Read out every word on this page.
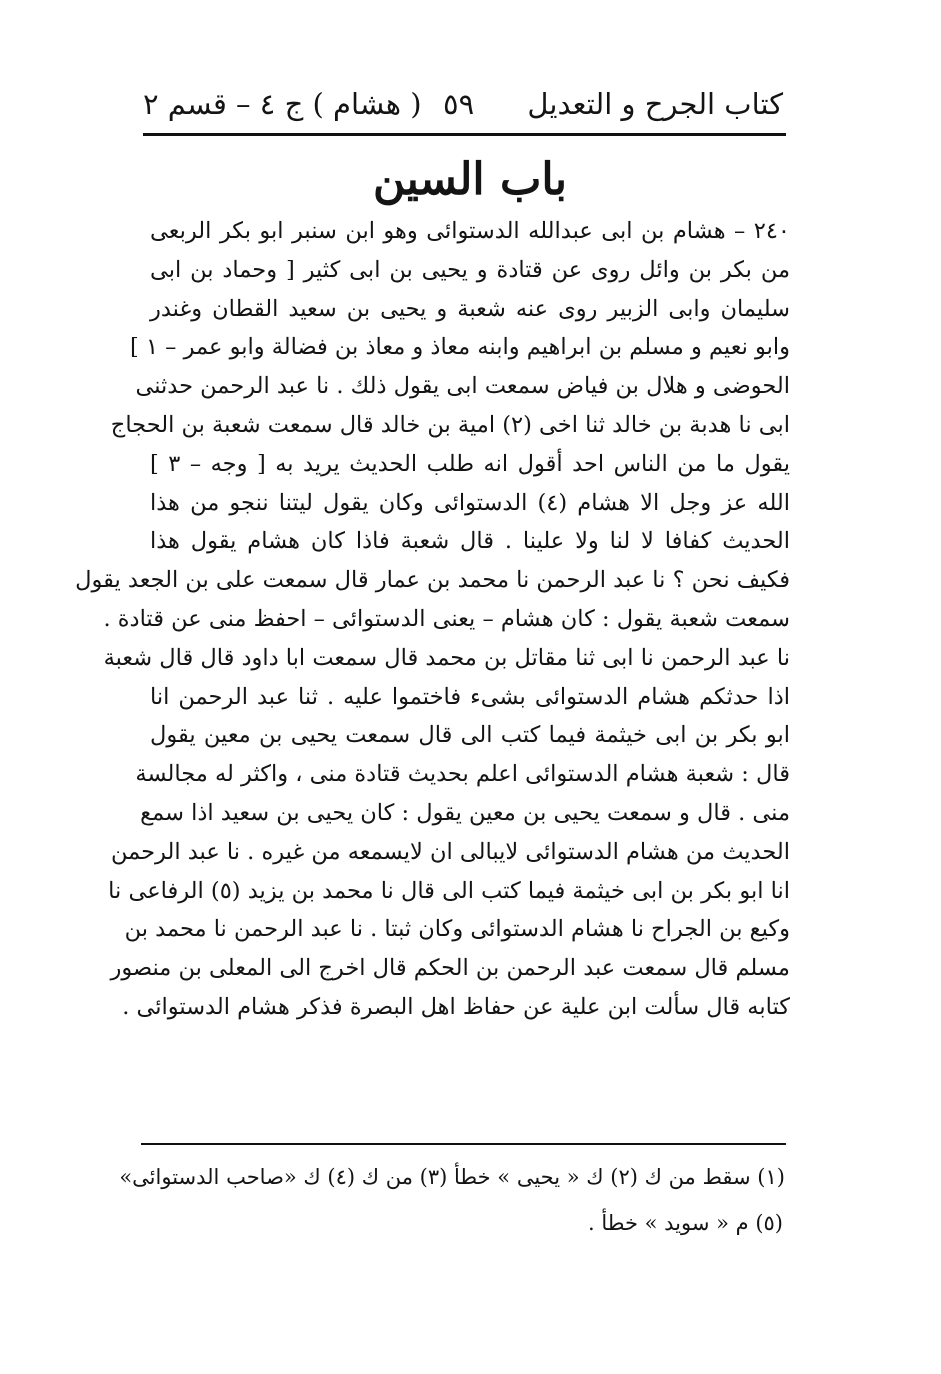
كتاب الجرح و التعديل
٥٩
( هشام ) ج ٤ – قسم ٢
باب السين
٢٤٠ – هشام بن ابى عبدالله الدستوائى وهو ابن سنبر ابو بكر الربعى
من بكر بن وائل روى عن قتادة و يحيى بن ابى كثير [ وحماد بن ابى
سليمان وابى الزبير روى عنه شعبة و يحيى بن سعيد القطان وغندر
وابو نعيم و مسلم بن ابراهيم وابنه معاذ و معاذ بن فضالة وابو عمر – ١ ]
الحوضى و هلال بن فياض سمعت ابى يقول ذلك . نا عبد الرحمن حدثنى
ابى نا هدبة بن خالد ثنا اخى (٢) امية بن خالد قال سمعت شعبة بن الحجاج
يقول ما من الناس احد أقول انه طلب الحديث يريد به [ وجه – ٣ ]
الله عز وجل الا هشام (٤) الدستوائى وكان يقول ليتنا ننجو من هذا
الحديث كفافا لا لنا ولا علينا . قال شعبة فاذا كان هشام يقول هذا
فكيف نحن ؟ نا عبد الرحمن نا محمد بن عمار قال سمعت على بن الجعد يقول
سمعت شعبة يقول : كان هشام – يعنى الدستوائى – احفظ منى عن قتادة .
نا عبد الرحمن نا ابى ثنا مقاتل بن محمد قال سمعت ابا داود قال قال شعبة
اذا حدثكم هشام الدستوائى بشىء فاختموا عليه . ثنا عبد الرحمن انا
ابو بكر بن ابى خيثمة فيما كتب الى قال سمعت يحيى بن معين يقول
قال : شعبة هشام الدستوائى اعلم بحديث قتادة منى ، واكثر له مجالسة
منى . قال و سمعت يحيى بن معين يقول : كان يحيى بن سعيد اذا سمع
الحديث من هشام الدستوائى لايبالى ان لايسمعه من غيره . نا عبد الرحمن
انا ابو بكر بن ابى خيثمة فيما كتب الى قال نا محمد بن يزيد (٥) الرفاعى نا
وكيع بن الجراح نا هشام الدستوائى وكان ثبتا . نا عبد الرحمن نا محمد بن
مسلم قال سمعت عبد الرحمن بن الحكم قال اخرج الى المعلى بن منصور
كتابه قال سألت ابن علية عن حفاظ اهل البصرة فذكر هشام الدستوائى .
(١) سقط من ك (٢) ك « يحيى » خطأ (٣) من ك (٤) ك «صاحب الدستوائى»
(٥) م « سويد » خطأ .
